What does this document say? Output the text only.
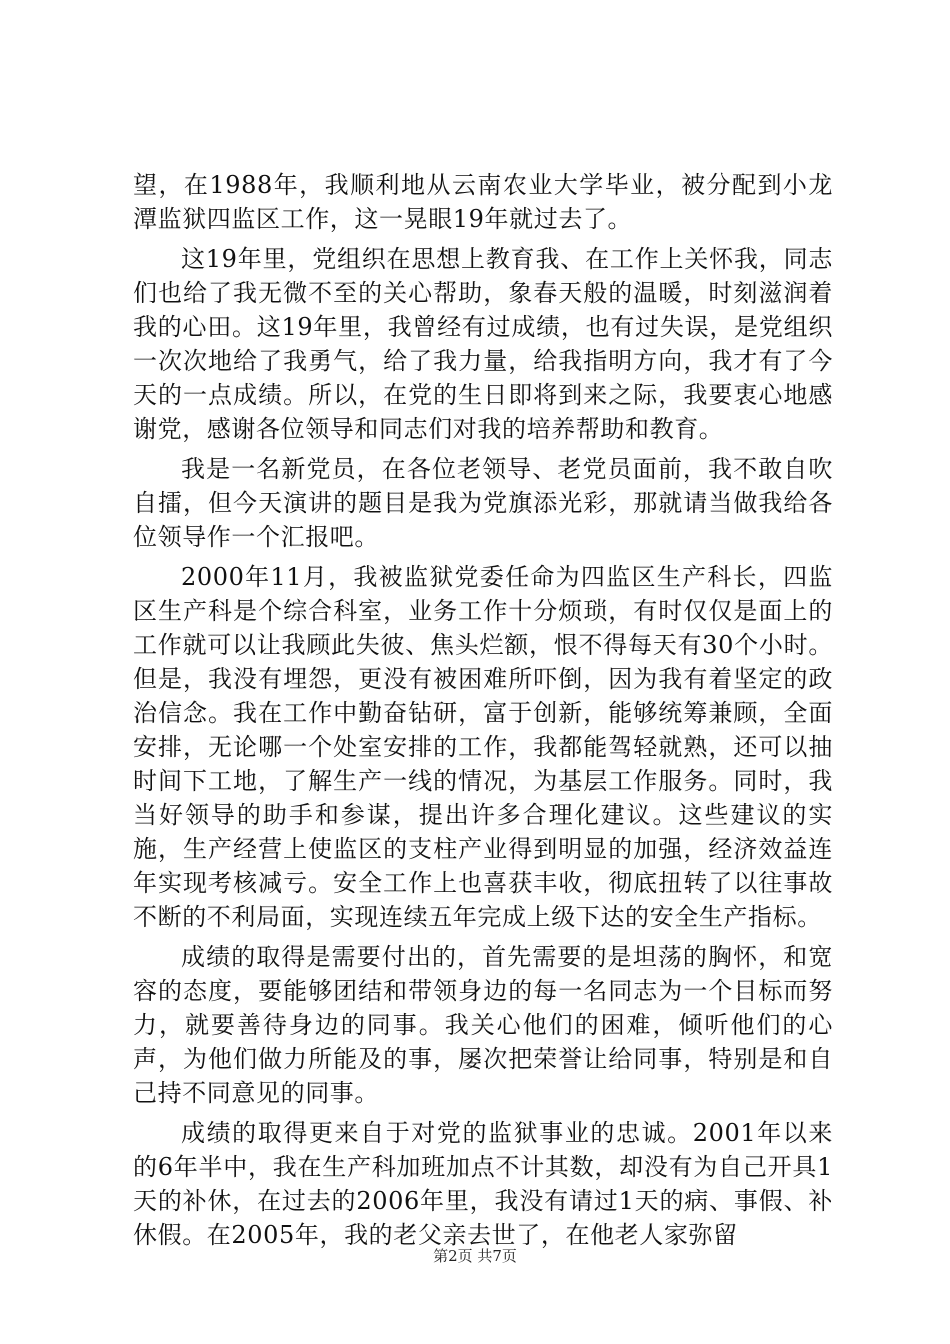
望，在1988年，我顺利地从云南农业大学毕业，被分配到小龙潭监狱四监区工作，这一晃眼19年就过去了。

这19年里，党组织在思想上教育我、在工作上关怀我，同志们也给了我无微不至的关心帮助，象春天般的温暖，时刻滋润着我的心田。这19年里，我曾经有过成绩，也有过失误，是党组织一次次地给了我勇气，给了我力量，给我指明方向，我才有了今天的一点成绩。所以，在党的生日即将到来之际，我要衷心地感谢党，感谢各位领导和同志们对我的培养帮助和教育。

我是一名新党员，在各位老领导、老党员面前，我不敢自吹自擂，但今天演讲的题目是我为党旗添光彩，那就请当做我给各位领导作一个汇报吧。

2000年11月，我被监狱党委任命为四监区生产科长，四监区生产科是个综合科室，业务工作十分烦琐，有时仅仅是面上的工作就可以让我顾此失彼、焦头烂额，恨不得每天有30个小时。但是，我没有埋怨，更没有被困难所吓倒，因为我有着坚定的政治信念。我在工作中勤奋钻研，富于创新，能够统筹兼顾，全面安排，无论哪一个处室安排的工作，我都能驾轻就熟，还可以抽时间下工地，了解生产一线的情况，为基层工作服务。同时，我当好领导的助手和参谋，提出许多合理化建议。这些建议的实施，生产经营上使监区的支柱产业得到明显的加强，经济效益连年实现考核减亏。安全工作上也喜获丰收，彻底扭转了以往事故不断的不利局面，实现连续五年完成上级下达的安全生产指标。

成绩的取得是需要付出的，首先需要的是坦荡的胸怀，和宽容的态度，要能够团结和带领身边的每一名同志为一个目标而努力，就要善待身边的同事。我关心他们的困难，倾听他们的心声，为他们做力所能及的事，屡次把荣誉让给同事，特别是和自己持不同意见的同事。

成绩的取得更来自于对党的监狱事业的忠诚。2001年以来的6年半中，我在生产科加班加点不计其数，却没有为自己开具1天的补休，在过去的2006年里，我没有请过1天的病、事假、补休假。在2005年，我的老父亲去世了，在他老人家弥留

第2页 共7页
